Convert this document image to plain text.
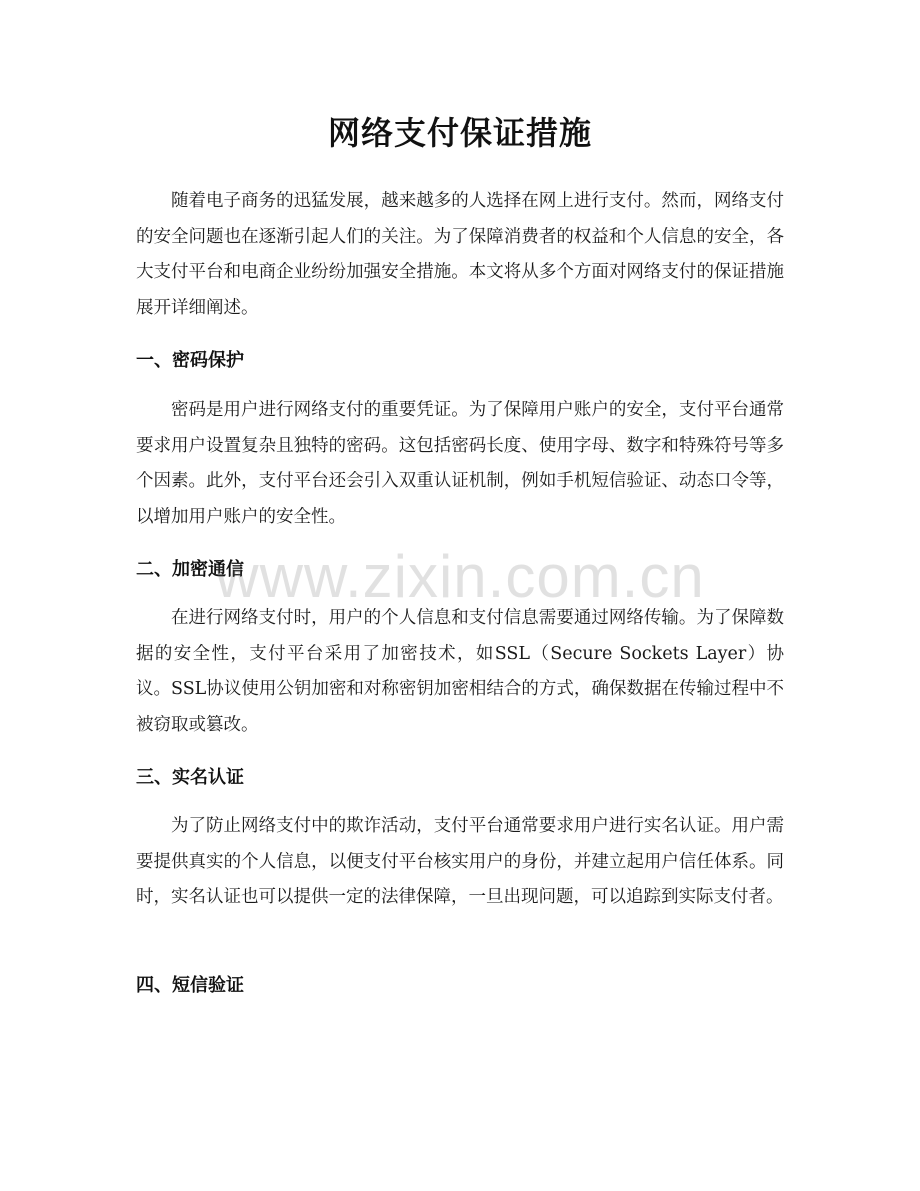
网络支付保证措施

随着电子商务的迅猛发展，越来越多的人选择在网上进行支付。然而，网络支付的安全问题也在逐渐引起人们的关注。为了保障消费者的权益和个人信息的安全，各大支付平台和电商企业纷纷加强安全措施。本文将从多个方面对网络支付的保证措施展开详细阐述。

一、密码保护

密码是用户进行网络支付的重要凭证。为了保障用户账户的安全，支付平台通常要求用户设置复杂且独特的密码。这包括密码长度、使用字母、数字和特殊符号等多个因素。此外，支付平台还会引入双重认证机制，例如手机短信验证、动态口令等，以增加用户账户的安全性。

二、加密通信

在进行网络支付时，用户的个人信息和支付信息需要通过网络传输。为了保障数据的安全性，支付平台采用了加密技术，如SSL（Secure Sockets Layer）协议。SSL协议使用公钥加密和对称密钥加密相结合的方式，确保数据在传输过程中不被窃取或篡改。

三、实名认证

为了防止网络支付中的欺诈活动，支付平台通常要求用户进行实名认证。用户需要提供真实的个人信息，以便支付平台核实用户的身份，并建立起用户信任体系。同时，实名认证也可以提供一定的法律保障，一旦出现问题，可以追踪到实际支付者。

四、短信验证
www.zixin.com.cn
